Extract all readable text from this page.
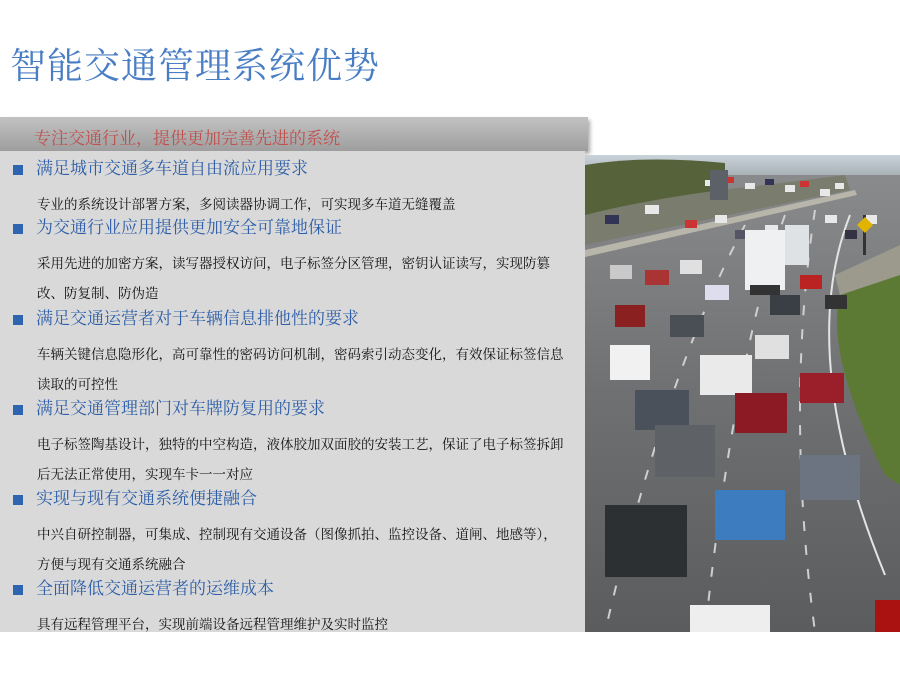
智能交通管理系统优势
专注交通行业，提供更加完善先进的系统
满足城市交通多车道自由流应用要求
专业的系统设计部署方案，多阅读器协调工作，可实现多车道无缝覆盖
为交通行业应用提供更加安全可靠地保证
采用先进的加密方案，读写器授权访问，电子标签分区管理，密钥认证读写，实现防篡改、防复制、防伪造
满足交通运营者对于车辆信息排他性的要求
车辆关键信息隐形化，高可靠性的密码访问机制，密码索引动态变化，有效保证标签信息读取的可控性
满足交通管理部门对车牌防复用的要求
电子标签陶基设计，独特的中空构造，液体胶加双面胶的安装工艺，保证了电子标签拆卸后无法正常使用，实现车卡一一对应
实现与现有交通系统便捷融合
中兴自研控制器，可集成、控制现有交通设备（图像抓拍、监控设备、道闸、地感等），方便与现有交通系统融合
全面降低交通运营者的运维成本
具有远程管理平台，实现前端设备远程管理维护及实时监控
